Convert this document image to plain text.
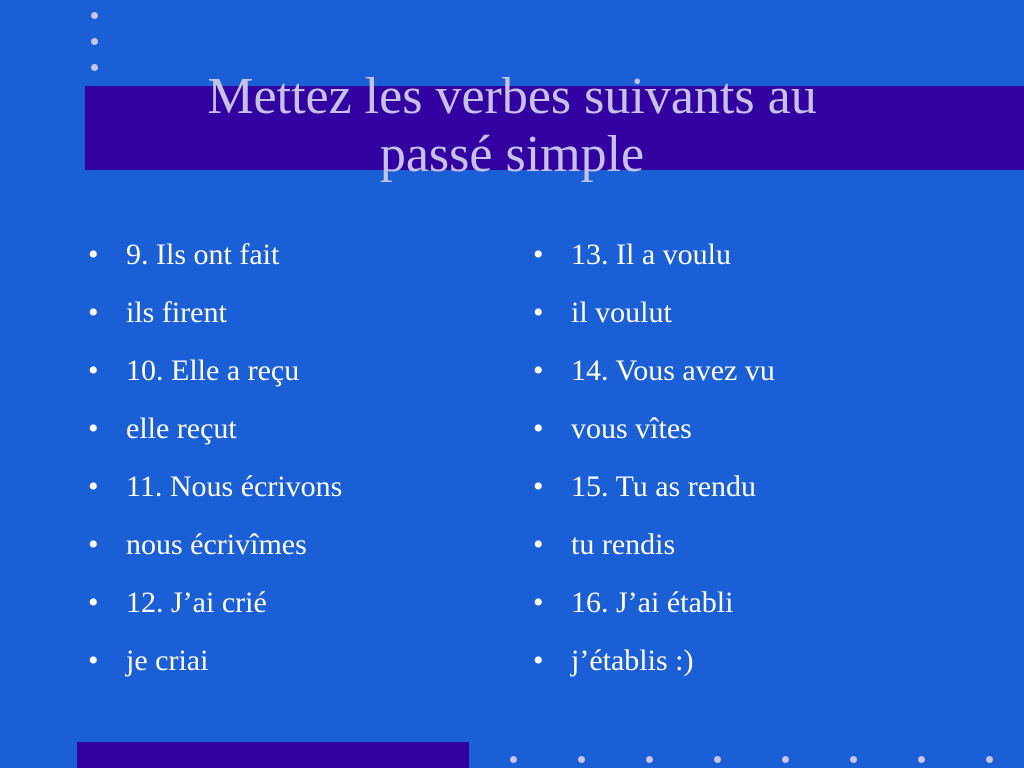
Mettez les verbes suivants au
passé simple
• 9. Ils ont fait
• ils firent
• 10. Elle a reçu
• elle reçut
• 11. Nous écrivons
• nous écrivîmes
• 12. J’ai crié
• je criai
• 13. Il a voulu
• il voulut
• 14. Vous avez vu
• vous vîtes
• 15. Tu as rendu
• tu rendis
• 16. J’ai établi
• j’établis :)
